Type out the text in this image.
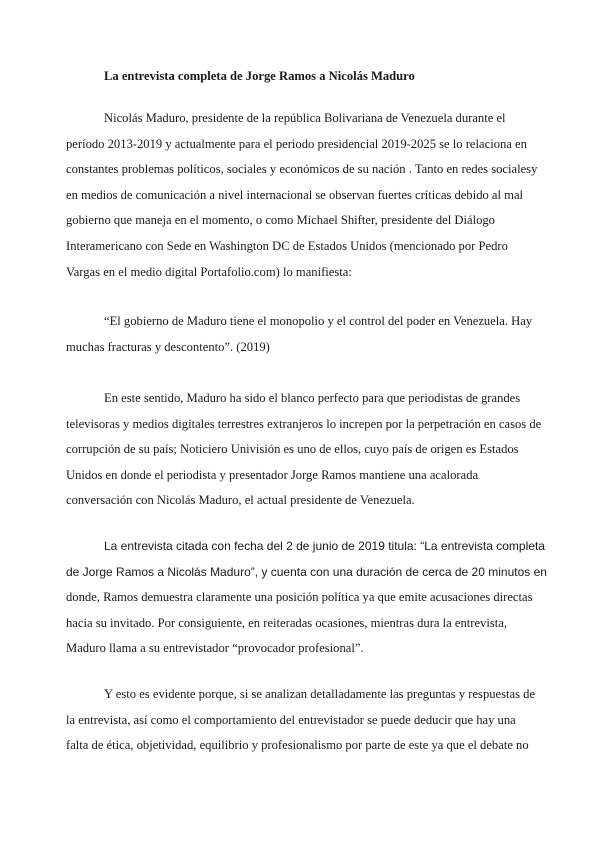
La entrevista completa de Jorge Ramos a Nicolás Maduro
Nicolás Maduro, presidente de la república Bolivariana de Venezuela durante el
período 2013-2019 y actualmente para el periodo presidencial 2019-2025 se lo relaciona en
constantes problemas políticos, sociales y económicos de su nación . Tanto en redes socialesy
en medios de comunicación a nivel internacional se observan fuertes críticas debido al mal
gobierno que maneja en el momento, o como Michael Shifter, presidente del Diálogo
Interamericano con Sede en Washington DC de Estados Unidos (mencionado por Pedro
Vargas en el medio digital Portafolio.com) lo manifiesta:
“El gobierno de Maduro tiene el monopolio y el control del poder en Venezuela. Hay
muchas fracturas y descontento”. (2019)
En este sentido, Maduro ha sido el blanco perfecto para que periodistas de grandes
televisoras y medios digitales terrestres extranjeros lo increpen por la perpetración en casos de
corrupción de su país; Noticiero Univisión es uno de ellos, cuyo país de origen es Estados
Unidos en donde el periodista y presentador Jorge Ramos mantiene una acalorada
conversación con Nicolás Maduro, el actual presidente de Venezuela.
La entrevista citada con fecha del 2 de junio de 2019 titula: “La entrevista completa
de Jorge Ramos a Nicolás Maduro”, y cuenta con una duración de cerca de 20 minutos en
donde, Ramos demuestra claramente una posición política ya que emite acusaciones directas
hacia su invitado. Por consiguiente, en reiteradas ocasiones, mientras dura la entrevista,
Maduro llama a su entrevistador “provocador profesional”.
Y esto es evidente porque, si se analizan detalladamente las preguntas y respuestas de
la entrevista, así como el comportamiento del entrevistador se puede deducir que hay una
falta de ética, objetividad, equilibrio y profesionalismo por parte de este ya que el debate no
